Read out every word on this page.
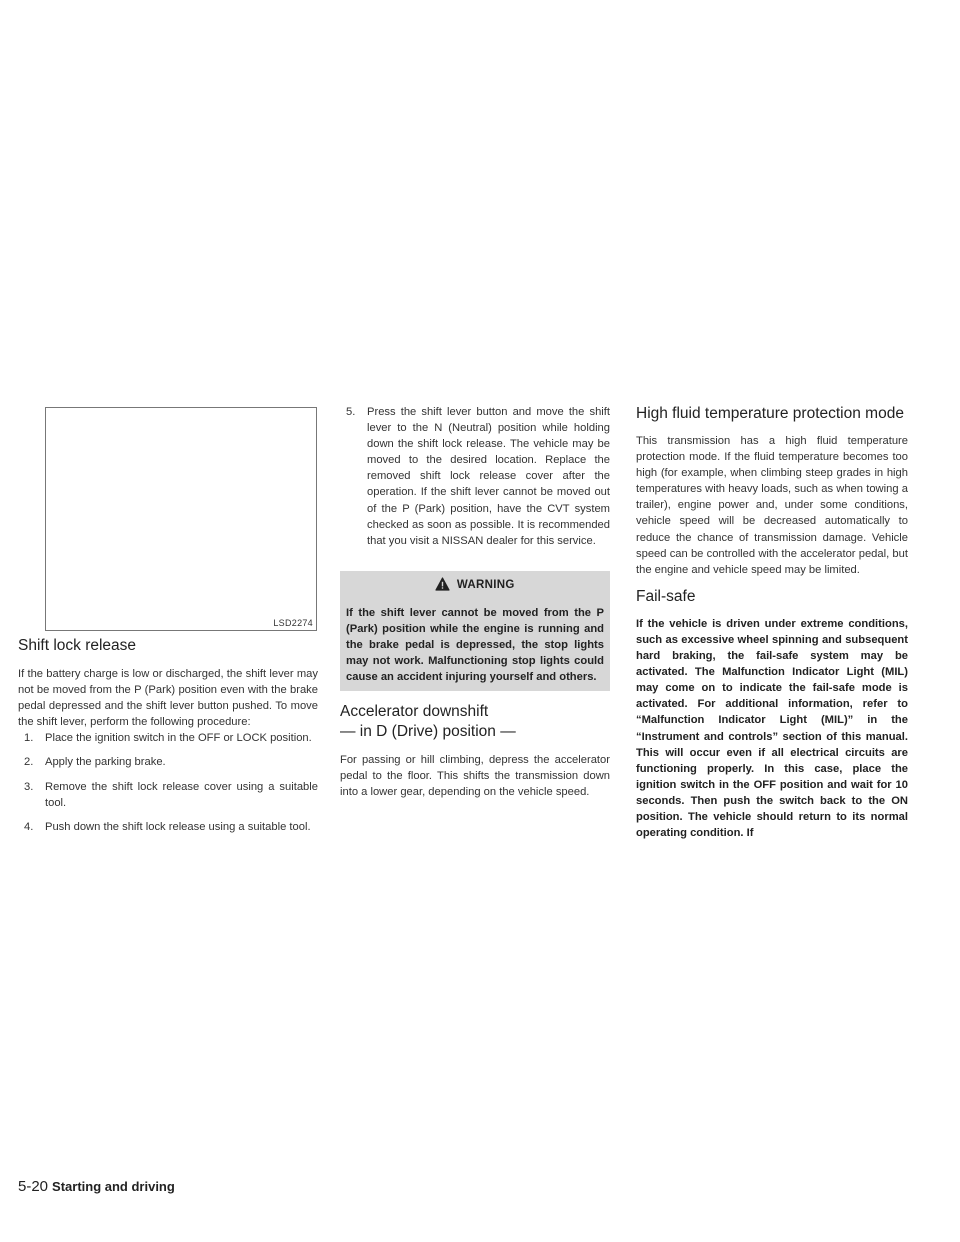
LSD2274
Shift lock release

If the battery charge is low or discharged, the shift lever may not be moved from the P (Park) position even with the brake pedal depressed and the shift lever button pushed. To move the shift lever, perform the following procedure:

1. Place the ignition switch in the OFF or LOCK position.
2. Apply the parking brake.
3. Remove the shift lock release cover using a suitable tool.
4. Push down the shift lock release using a suitable tool.
5. Press the shift lever button and move the shift lever to the N (Neutral) position while holding down the shift lock release. The vehicle may be moved to the desired location. Replace the removed shift lock release cover after the operation. If the shift lever cannot be moved out of the P (Park) position, have the CVT system checked as soon as possible. It is recommended that you visit a NISSAN dealer for this service.
WARNING
If the shift lever cannot be moved from the P (Park) position while the engine is running and the brake pedal is depressed, the stop lights may not work. Malfunctioning stop lights could cause an accident injuring yourself and others.
Accelerator downshift
— in D (Drive) position —

For passing or hill climbing, depress the accelerator pedal to the floor. This shifts the transmission down into a lower gear, depending on the vehicle speed.

High fluid temperature protection mode

This transmission has a high fluid temperature protection mode. If the fluid temperature becomes too high (for example, when climbing steep grades in high temperatures with heavy loads, such as when towing a trailer), engine power and, under some conditions, vehicle speed will be decreased automatically to reduce the chance of transmission damage. Vehicle speed can be controlled with the accelerator pedal, but the engine and vehicle speed may be limited.

Fail-safe

If the vehicle is driven under extreme conditions, such as excessive wheel spinning and subsequent hard braking, the fail-safe system may be activated. The Malfunction Indicator Light (MIL) may come on to indicate the fail-safe mode is activated. For additional information, refer to “Malfunction Indicator Light (MIL)” in the “Instrument and controls” section of this manual. This will occur even if all electrical circuits are functioning properly. In this case, place the ignition switch in the OFF position and wait for 10 seconds. Then push the switch back to the ON position. The vehicle should return to its normal operating condition. If

5-20 Starting and driving
